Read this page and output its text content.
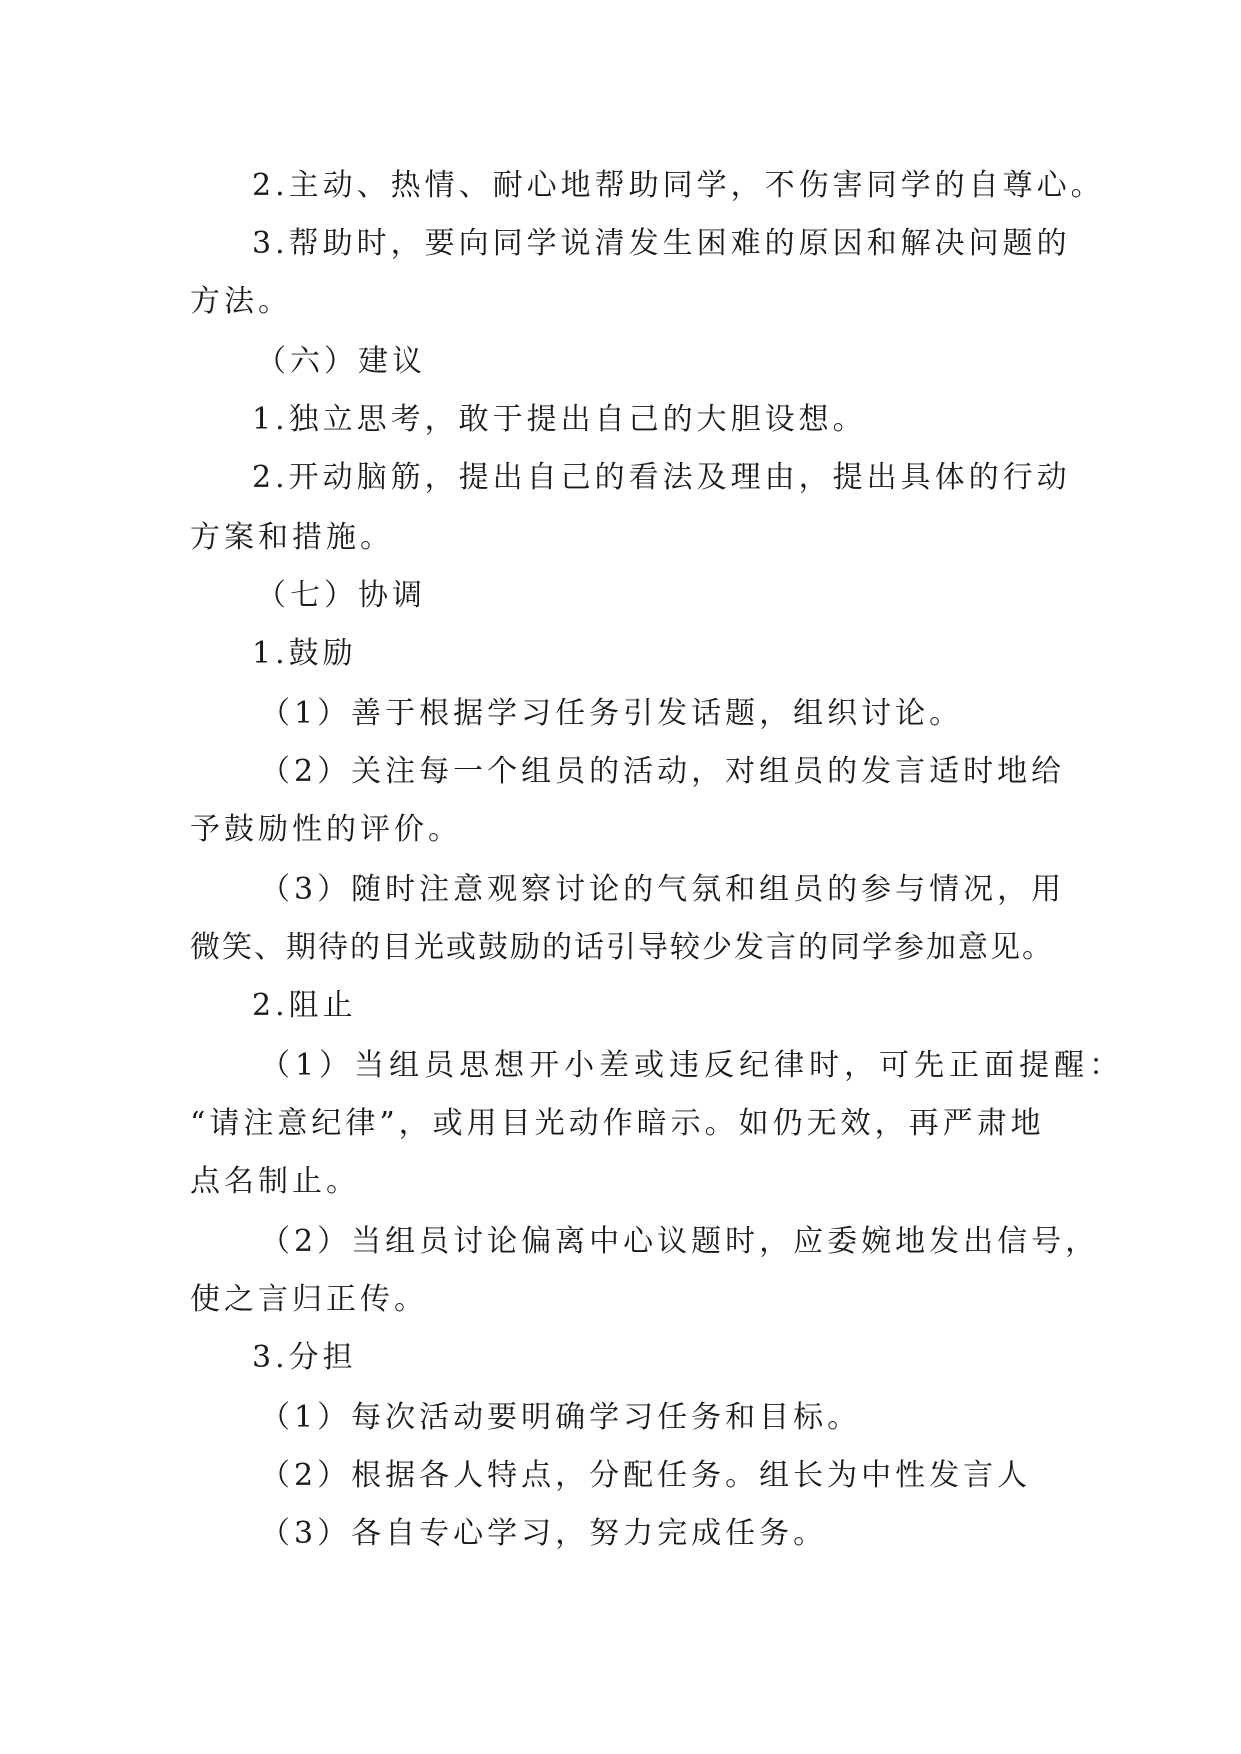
2.主动、热情、耐心地帮助同学，不伤害同学的自尊心。
3.帮助时，要向同学说清发生困难的原因和解决问题的
方法。
（六）建议
1.独立思考，敢于提出自己的大胆设想。
2.开动脑筋，提出自己的看法及理由，提出具体的行动
方案和措施。
（七）协调
1.鼓励
（1）善于根据学习任务引发话题，组织讨论。
（2）关注每一个组员的活动，对组员的发言适时地给
予鼓励性的评价。
（3）随时注意观察讨论的气氛和组员的参与情况，用
微笑、期待的目光或鼓励的话引导较少发言的同学参加意见。
2.阻止
（1）当组员思想开小差或违反纪律时，可先正面提醒：
“请注意纪律”，或用目光动作暗示。如仍无效，再严肃地
点名制止。
（2）当组员讨论偏离中心议题时，应委婉地发出信号，
使之言归正传。
3.分担
（1）每次活动要明确学习任务和目标。
（2）根据各人特点，分配任务。组长为中性发言人
（3）各自专心学习，努力完成任务。
